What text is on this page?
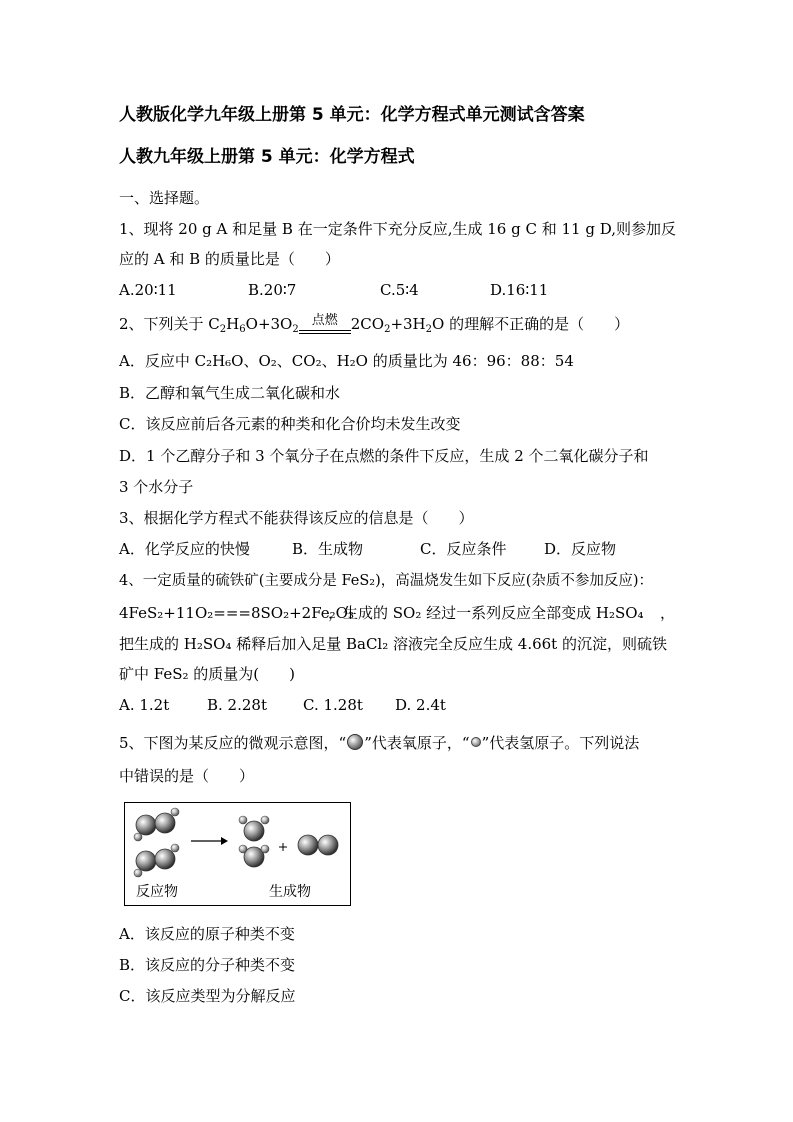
人教版化学九年级上册第 5 单元：化学方程式单元测试含答案
人教九年级上册第 5 单元：化学方程式
一、选择题。
1、现将 20 g A 和足量 B 在一定条件下充分反应,生成 16 g C 和 11 g D,则参加反
应的 A 和 B 的质量比是（　　）
A.20∶11	B.20∶7	C.5∶4	D.16∶11
2、下列关于 $C_2H_6O+3O_2$
点燃 $2CO_2+3H_2O$ 的理解不正确的是（　　）
A．反应中 C₂H₆O、O₂、CO₂、H₂O 的质量比为 46：96：88：54
B．乙醇和氧气生成二氧化碳和水
C．该反应前后各元素的种类和化合价均未发生改变
D．1 个乙醇分子和 3 个氧分子在点燃的条件下反应，生成 2 个二氧化碳分子和
3 个水分子
3、根据化学方程式不能获得该反应的信息是（　　）
A．化学反应的快慢	B．生成物	C．反应条件	D．反应物
4、一定质量的硫铁矿(主要成分是 FeS₂)，高温烧发生如下反应(杂质不参加反应)：
4FeS₂+11O₂===8SO₂+2Fe₂O₃
，生成的 SO₂ 经过一系列反应全部变成 H₂SO₄ ，
把生成的 H₂SO₄ 稀释后加入足量 BaCl₂ 溶液完全反应生成 4.66t 的沉淀，则硫铁
矿中 FeS₂ 的质量为(　　)
A. 1.2t	B. 2.28t C. 1.28t D. 2.4t
5、下图为某反应的微观示意图，“ ”代表氧原子，“ ”代表氢原子。下列说法
中错误的是（　　）
反应物	生成物
A．该反应的原子种类不变
B．该反应的分子种类不变
C．该反应类型为分解反应
